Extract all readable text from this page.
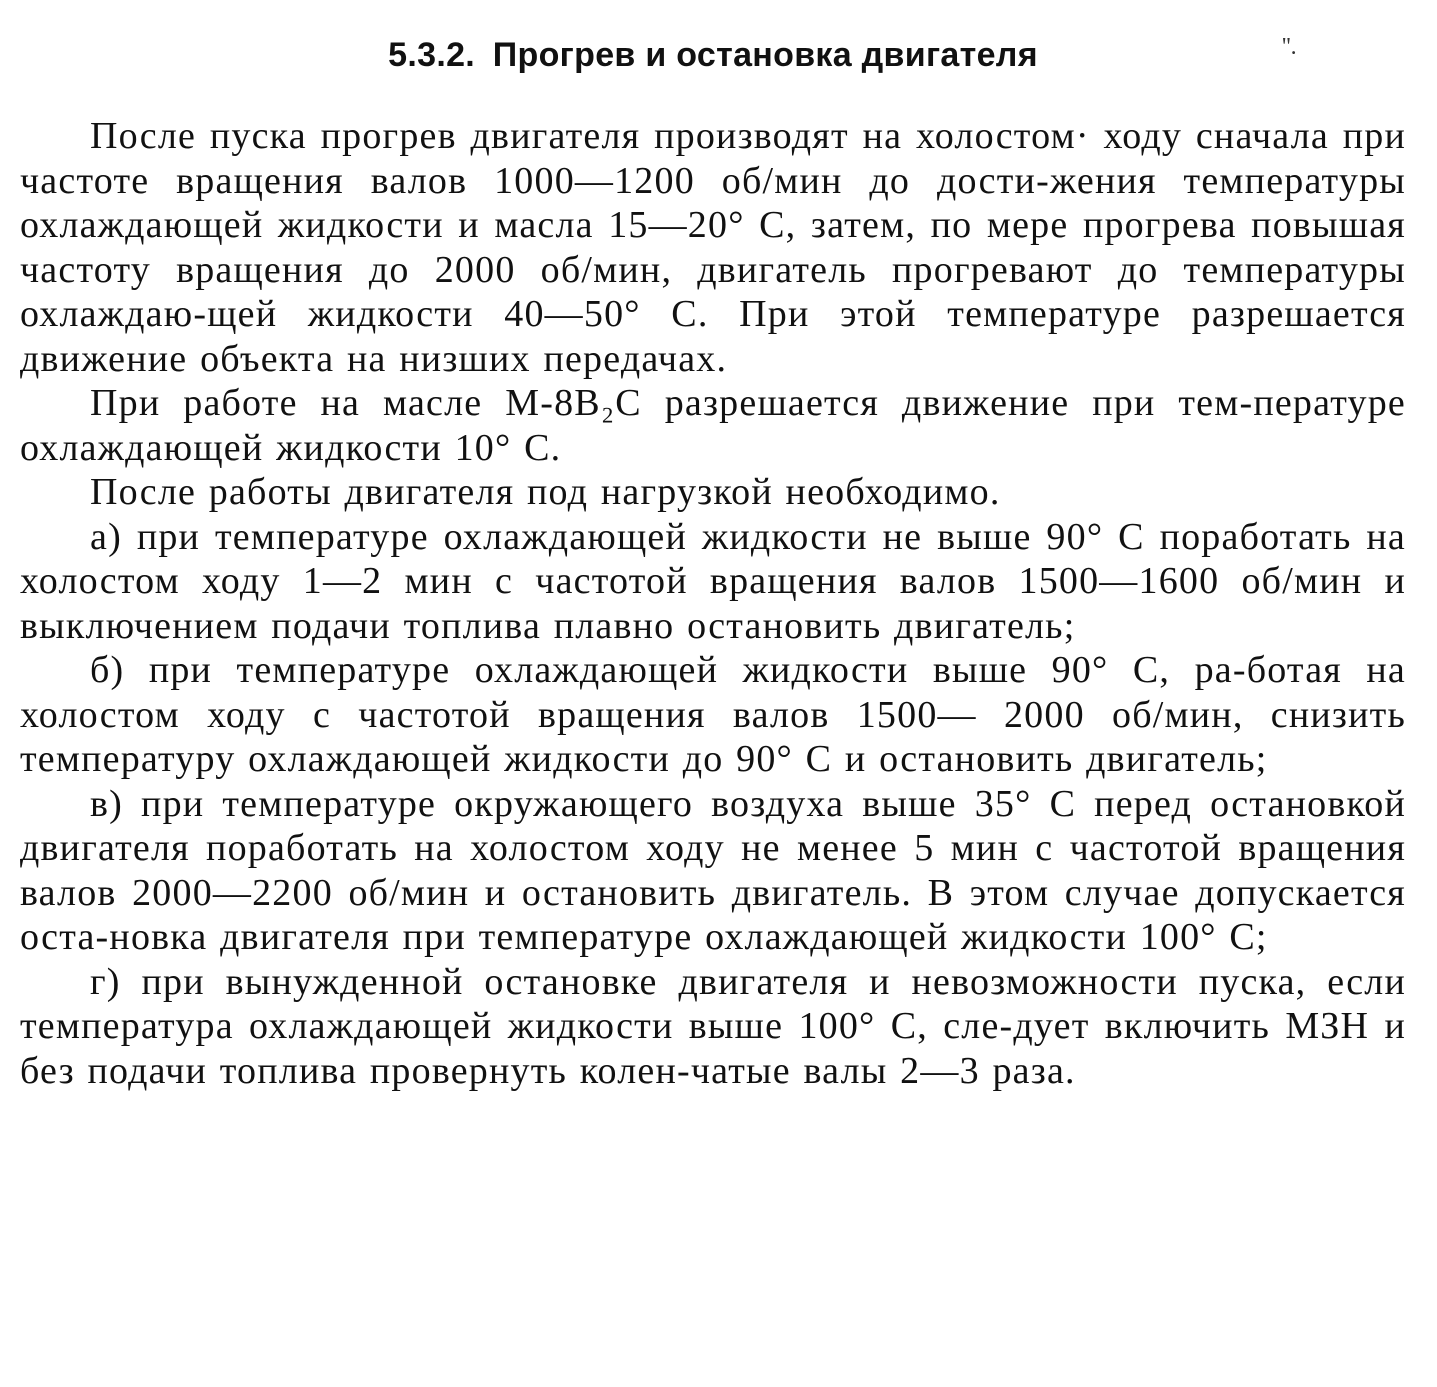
5.3.2. Прогрев и остановка двигателя	''.

После пуска прогрев двигателя производят на холостом· ходу сначала при частоте вращения валов 1000—1200 об/мин до дости-жения температуры охлаждающей жидкости и масла 15—20° С, затем, по мере прогрева повышая частоту вращения до 2000 об/мин, двигатель прогревают до температуры охлаждаю-щей жидкости 40—50° С. При этой температуре разрешается движение объекта на низших передачах.

При работе на масле М-8В₂С разрешается движение при тем-пературе охлаждающей жидкости 10° С.

После работы двигателя под нагрузкой необходимо.

а) при температуре охлаждающей жидкости не выше 90° С поработать на холостом ходу 1—2 мин с частотой вращения валов 1500—1600 об/мин и выключением подачи топлива плавно остановить двигатель;

б) при температуре охлаждающей жидкости выше 90° С, ра-ботая на холостом ходу с частотой вращения валов 1500— 2000 об/мин, снизить температуру охлаждающей жидкости до 90° С и остановить двигатель;

в) при температуре окружающего воздуха выше 35° С перед остановкой двигателя поработать на холостом ходу не менее 5 мин с частотой вращения валов 2000—2200 об/мин и остановить двигатель. В этом случае допускается оста-новка двигателя при температуре охлаждающей жидкости 100° С;

г) при вынужденной остановке двигателя и невозможности пуска, если температура охлаждающей жидкости выше 100° С, сле-дует включить МЗН и без подачи топлива провернуть колен-чатые валы 2—3 раза.
